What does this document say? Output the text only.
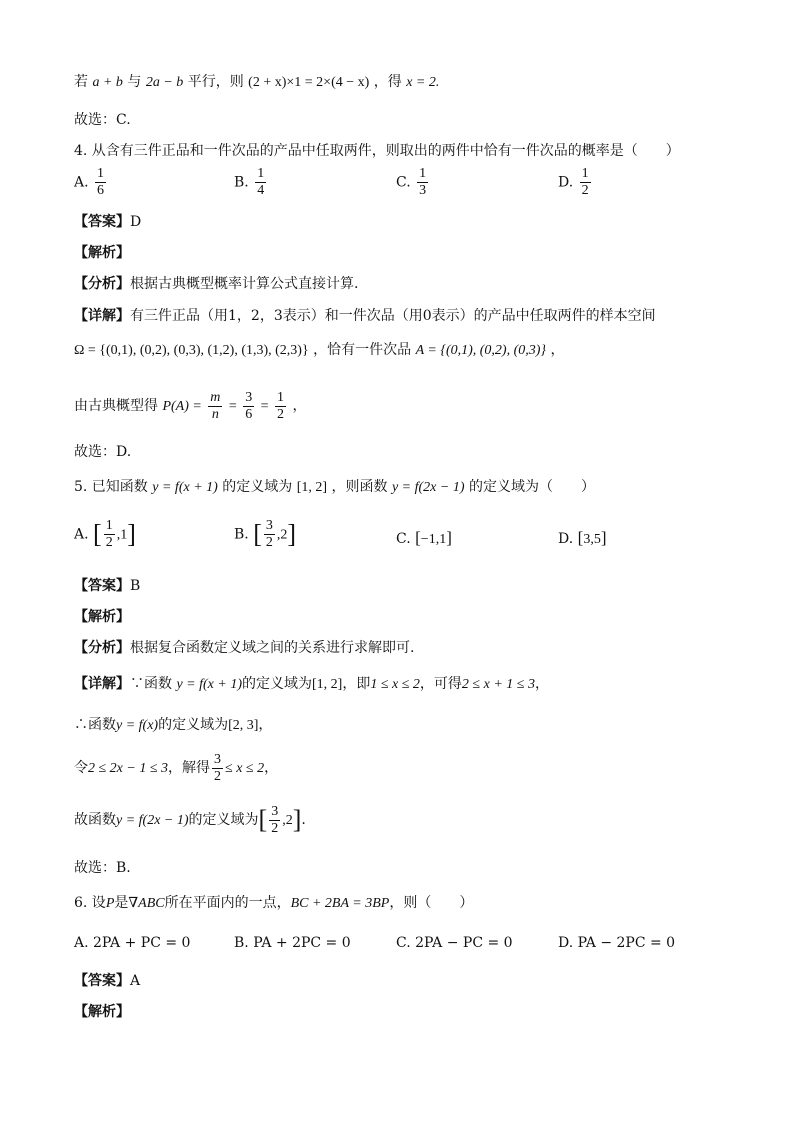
若 a + b 与 2a − b 平行，则 (2 + x)×1 = 2×(4 − x) ，得 x = 2.
故选：C.
4. 从含有三件正品和一件次品的产品中任取两件，则取出的两件中恰有一件次品的概率是（　　）
A. $\frac{1}{6}$	B. $\frac{1}{4}$	C. $\frac{1}{3}$	D. $\frac{1}{2}$
【答案】D
【解析】
【分析】根据古典概型概率计算公式直接计算.
【详解】有三件正品（用1，2，3表示）和一件次品（用0表示）的产品中任取两件的样本空间
Ω = {(0,1), (0,2), (0,3), (1,2), (1,3), (2,3)} ，恰有一件次品 A = {(0,1), (0,2), (0,3)} ，
由古典概型得 $P(A) = \frac{m}{n} = \frac{3}{6} = \frac{1}{2}$ ，
故选：D.
5. 已知函数 y = f(x + 1) 的定义域为 [1, 2] ，则函数 y = f(2x − 1) 的定义域为（　　）
A. [ $\frac{1}{2} ,1$]	B. [ $\frac{3}{2} ,2$]	C. [−1,1]	D. [3,5]
【答案】B
【解析】
【分析】根据复合函数定义域之间的关系进行求解即可.
【详解】∵函数 y = f(x + 1)的定义域为[1, 2]，即1 ≤ x ≤ 2，可得2 ≤ x + 1 ≤ 3，
∴函数y = f(x)的定义域为[2, 3]，
令2 ≤ 2x − 1 ≤ 3，解得 $\frac{3}{2} \le x \le 2$，
故函数y = f(2x − 1)的定义域为[ $\frac{3}{2} ,2$].
故选：B.
6. 设P是∇ABC所在平面内的一点，BC + 2BA = 3BP，则（　　）
A. 2PA + PC = 0	B. PA + 2PC = 0	C. 2PA − PC = 0	D. PA − 2PC = 0
【答案】A
【解析】
